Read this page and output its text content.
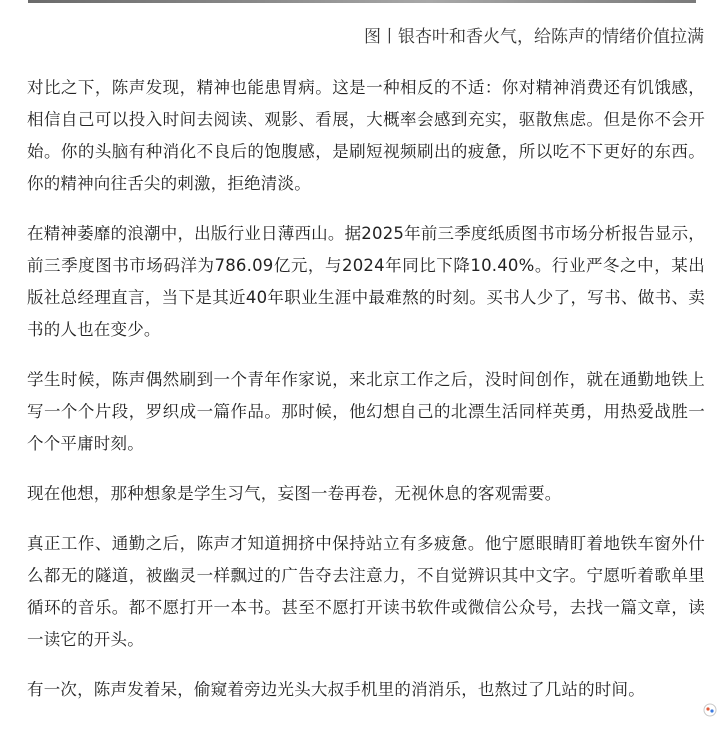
图丨银杏叶和香火气，给陈声的情绪价值拉满

对比之下，陈声发现，精神也能患胃病。这是一种相反的不适：你对精神消费还有饥饿感，相信自己可以投入时间去阅读、观影、看展，大概率会感到充实，驱散焦虑。但是你不会开始。你的头脑有种消化不良后的饱腹感，是刷短视频刷出的疲惫，所以吃不下更好的东西。你的精神向往舌尖的刺激，拒绝清淡。

在精神萎靡的浪潮中，出版行业日薄西山。据2025年前三季度纸质图书市场分析报告显示，前三季度图书市场码洋为786.09亿元，与2024年同比下降10.40%。行业严冬之中，某出版社总经理直言，当下是其近40年职业生涯中最难熬的时刻。买书人少了，写书、做书、卖书的人也在变少。

学生时候，陈声偶然刷到一个青年作家说，来北京工作之后，没时间创作，就在通勤地铁上写一个个片段，罗织成一篇作品。那时候，他幻想自己的北漂生活同样英勇，用热爱战胜一个个平庸时刻。

现在他想，那种想象是学生习气，妄图一卷再卷，无视休息的客观需要。

真正工作、通勤之后，陈声才知道拥挤中保持站立有多疲惫。他宁愿眼睛盯着地铁车窗外什么都无的隧道，被幽灵一样飘过的广告夺去注意力，不自觉辨识其中文字。宁愿听着歌单里循环的音乐。都不愿打开一本书。甚至不愿打开读书软件或微信公众号，去找一篇文章，读一读它的开头。

有一次，陈声发着呆，偷窥着旁边光头大叔手机里的消消乐，也熬过了几站的时间。
